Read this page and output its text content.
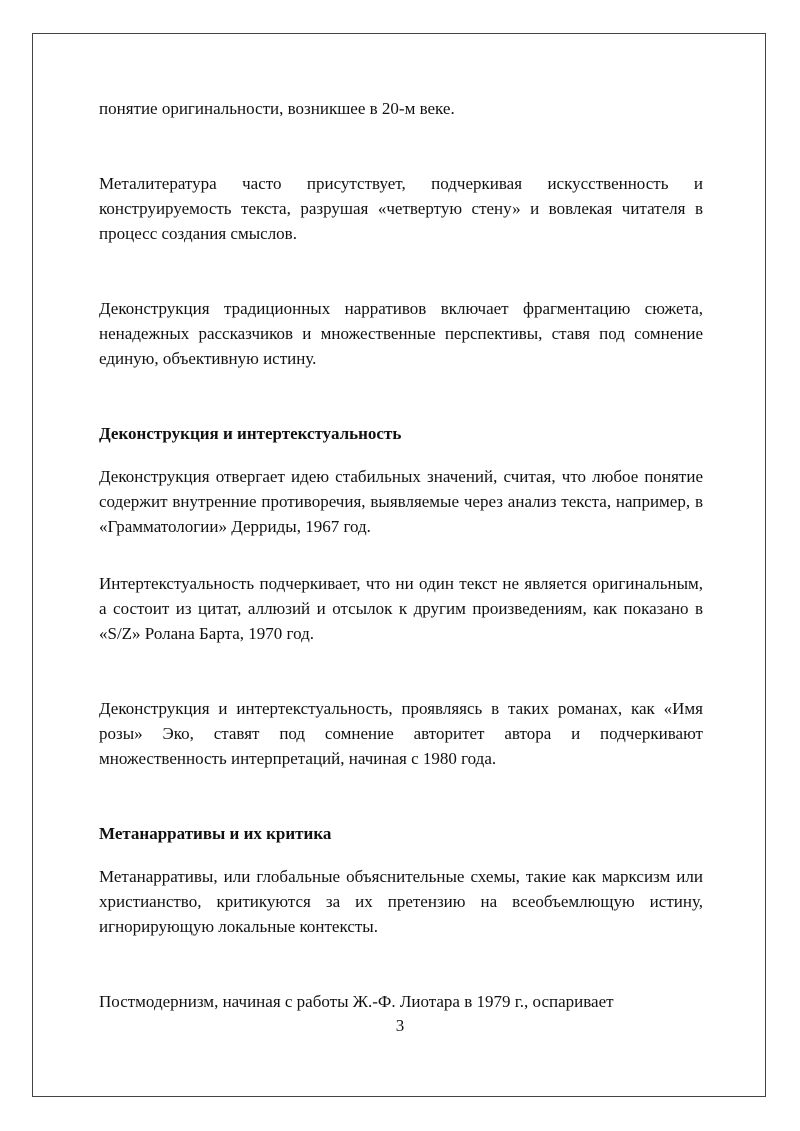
понятие оригинальности, возникшее в 20-м веке.

Металитература часто присутствует, подчеркивая искусственность и конструируемость текста, разрушая «четвертую стену» и вовлекая читателя в процесс создания смыслов.

Деконструкция традиционных нарративов включает фрагментацию сюжета, ненадежных рассказчиков и множественные перспективы, ставя под сомнение единую, объективную истину.

Деконструкция и интертекстуальность

Деконструкция отвергает идею стабильных значений, считая, что любое понятие содержит внутренние противоречия, выявляемые через анализ текста, например, в «Грамматологии» Дерриды, 1967 год.

Интертекстуальность подчеркивает, что ни один текст не является оригинальным, а состоит из цитат, аллюзий и отсылок к другим произведениям, как показано в «S/Z» Ролана Барта, 1970 год.

Деконструкция и интертекстуальность, проявляясь в таких романах, как «Имя розы» Эко, ставят под сомнение авторитет автора и подчеркивают множественность интерпретаций, начиная с 1980 года.

Метанарративы и их критика

Метанарративы, или глобальные объяснительные схемы, такие как марксизм или христианство, критикуются за их претензию на всеобъемлющую истину, игнорирующую локальные контексты.

Постмодернизм, начиная с работы Ж.-Ф. Лиотара в 1979 г., оспаривает

3
